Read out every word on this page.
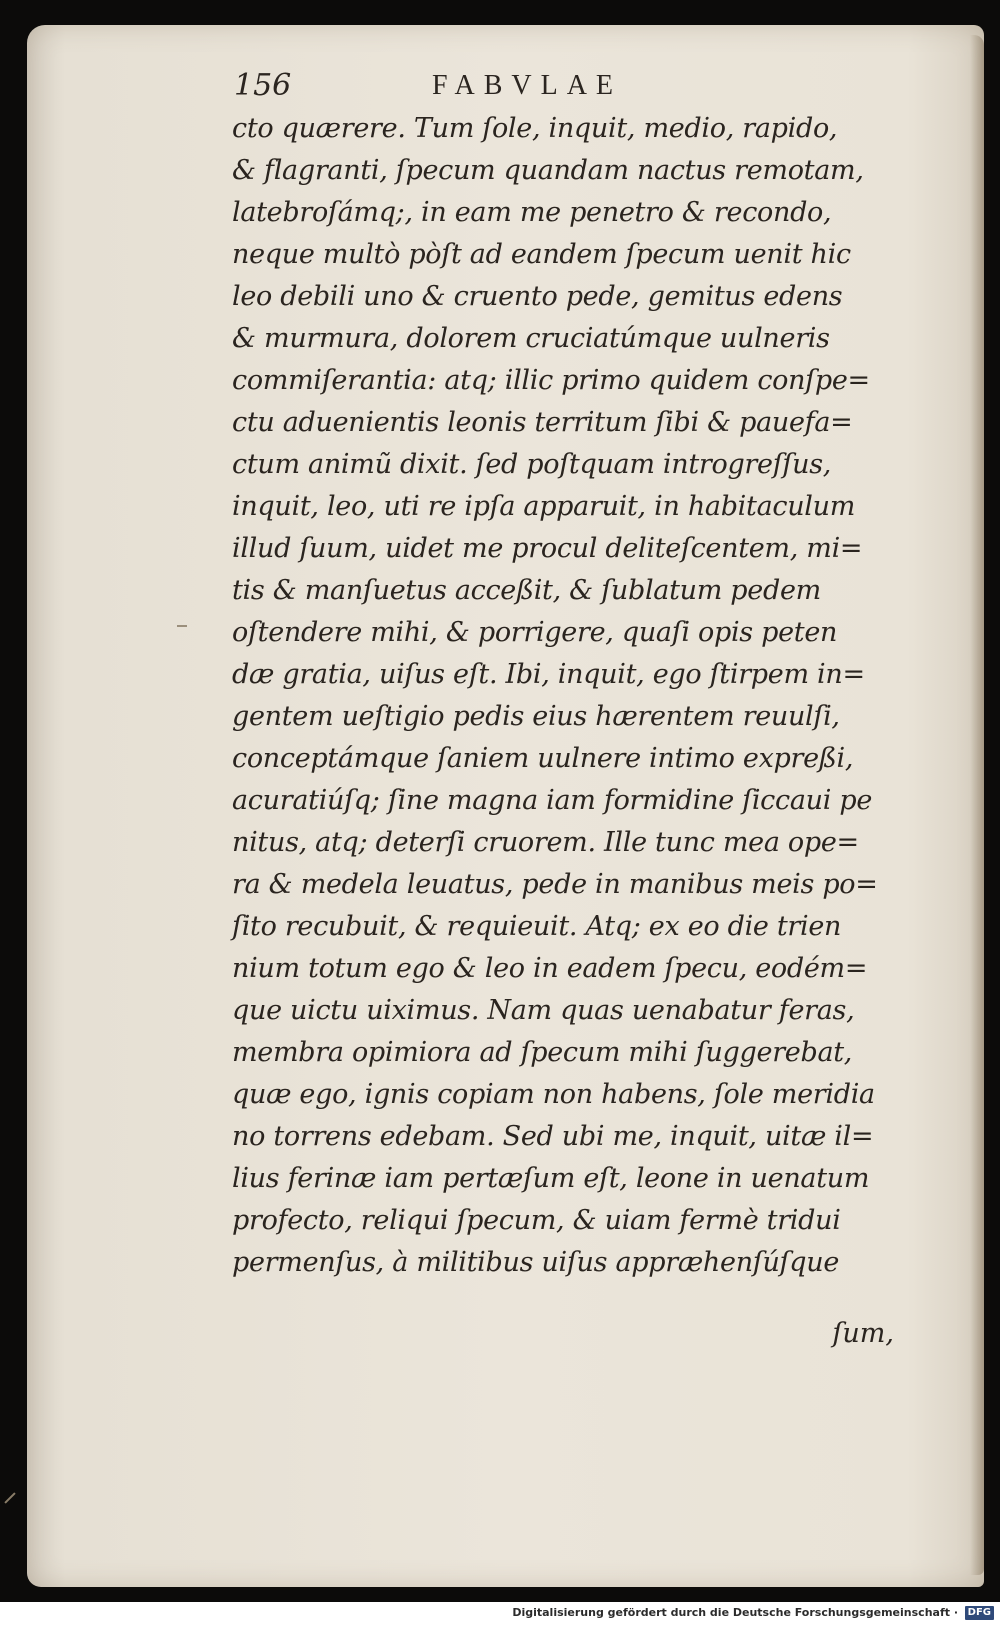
156	FABVLAE
cto quærere. Tum ſole, inquit, medio, rapido,
& flagranti, ſpecum quandam nactus remotam,
latebroſámq;, in eam me penetro & recondo,
neque multò pòſt ad eandem ſpecum uenit hic
leo debili uno & cruento pede, gemitus edens
& murmura, dolorem cruciatúmque uulneris
commiſerantia: atq; illic primo quidem conſpe=
ctu aduenientis leonis territum ſibi & pauefa=
ctum animũ dixit. ſed poſtquam introgreſſus,
inquit, leo, uti re ipſa apparuit, in habitaculum
illud ſuum, uidet me procul deliteſcentem, mi=
tis & manſuetus acceßit, & ſublatum pedem
oſtendere mihi, & porrigere, quaſi opis peten
dæ gratia, uiſus eſt. Ibi, inquit, ego ſtirpem in=
gentem ueſtigio pedis eius hærentem reuulſi,
conceptámque ſaniem uulnere intimo expreßi,
acuratiúſq; ſine magna iam formidine ſiccaui pe
nitus, atq; deterſi cruorem. Ille tunc mea ope=
ra & medela leuatus, pede in manibus meis po=
ſito recubuit, & requieuit. Atq; ex eo die trien
nium totum ego & leo in eadem ſpecu, eodém=
que uictu uiximus. Nam quas uenabatur feras,
membra opimiora ad ſpecum mihi ſuggerebat,
quæ ego, ignis copiam non habens, ſole meridia
no torrens edebam. Sed ubi me, inquit, uitæ il=
lius ferinæ iam pertæſum eſt, leone in uenatum
profecto, reliqui ſpecum, & uiam fermè tridui
permenſus, à militibus uiſus appræhenſúſque
ſum,
Digitalisierung gefördert durch die Deutsche Forschungsgemeinschaft · DFG
